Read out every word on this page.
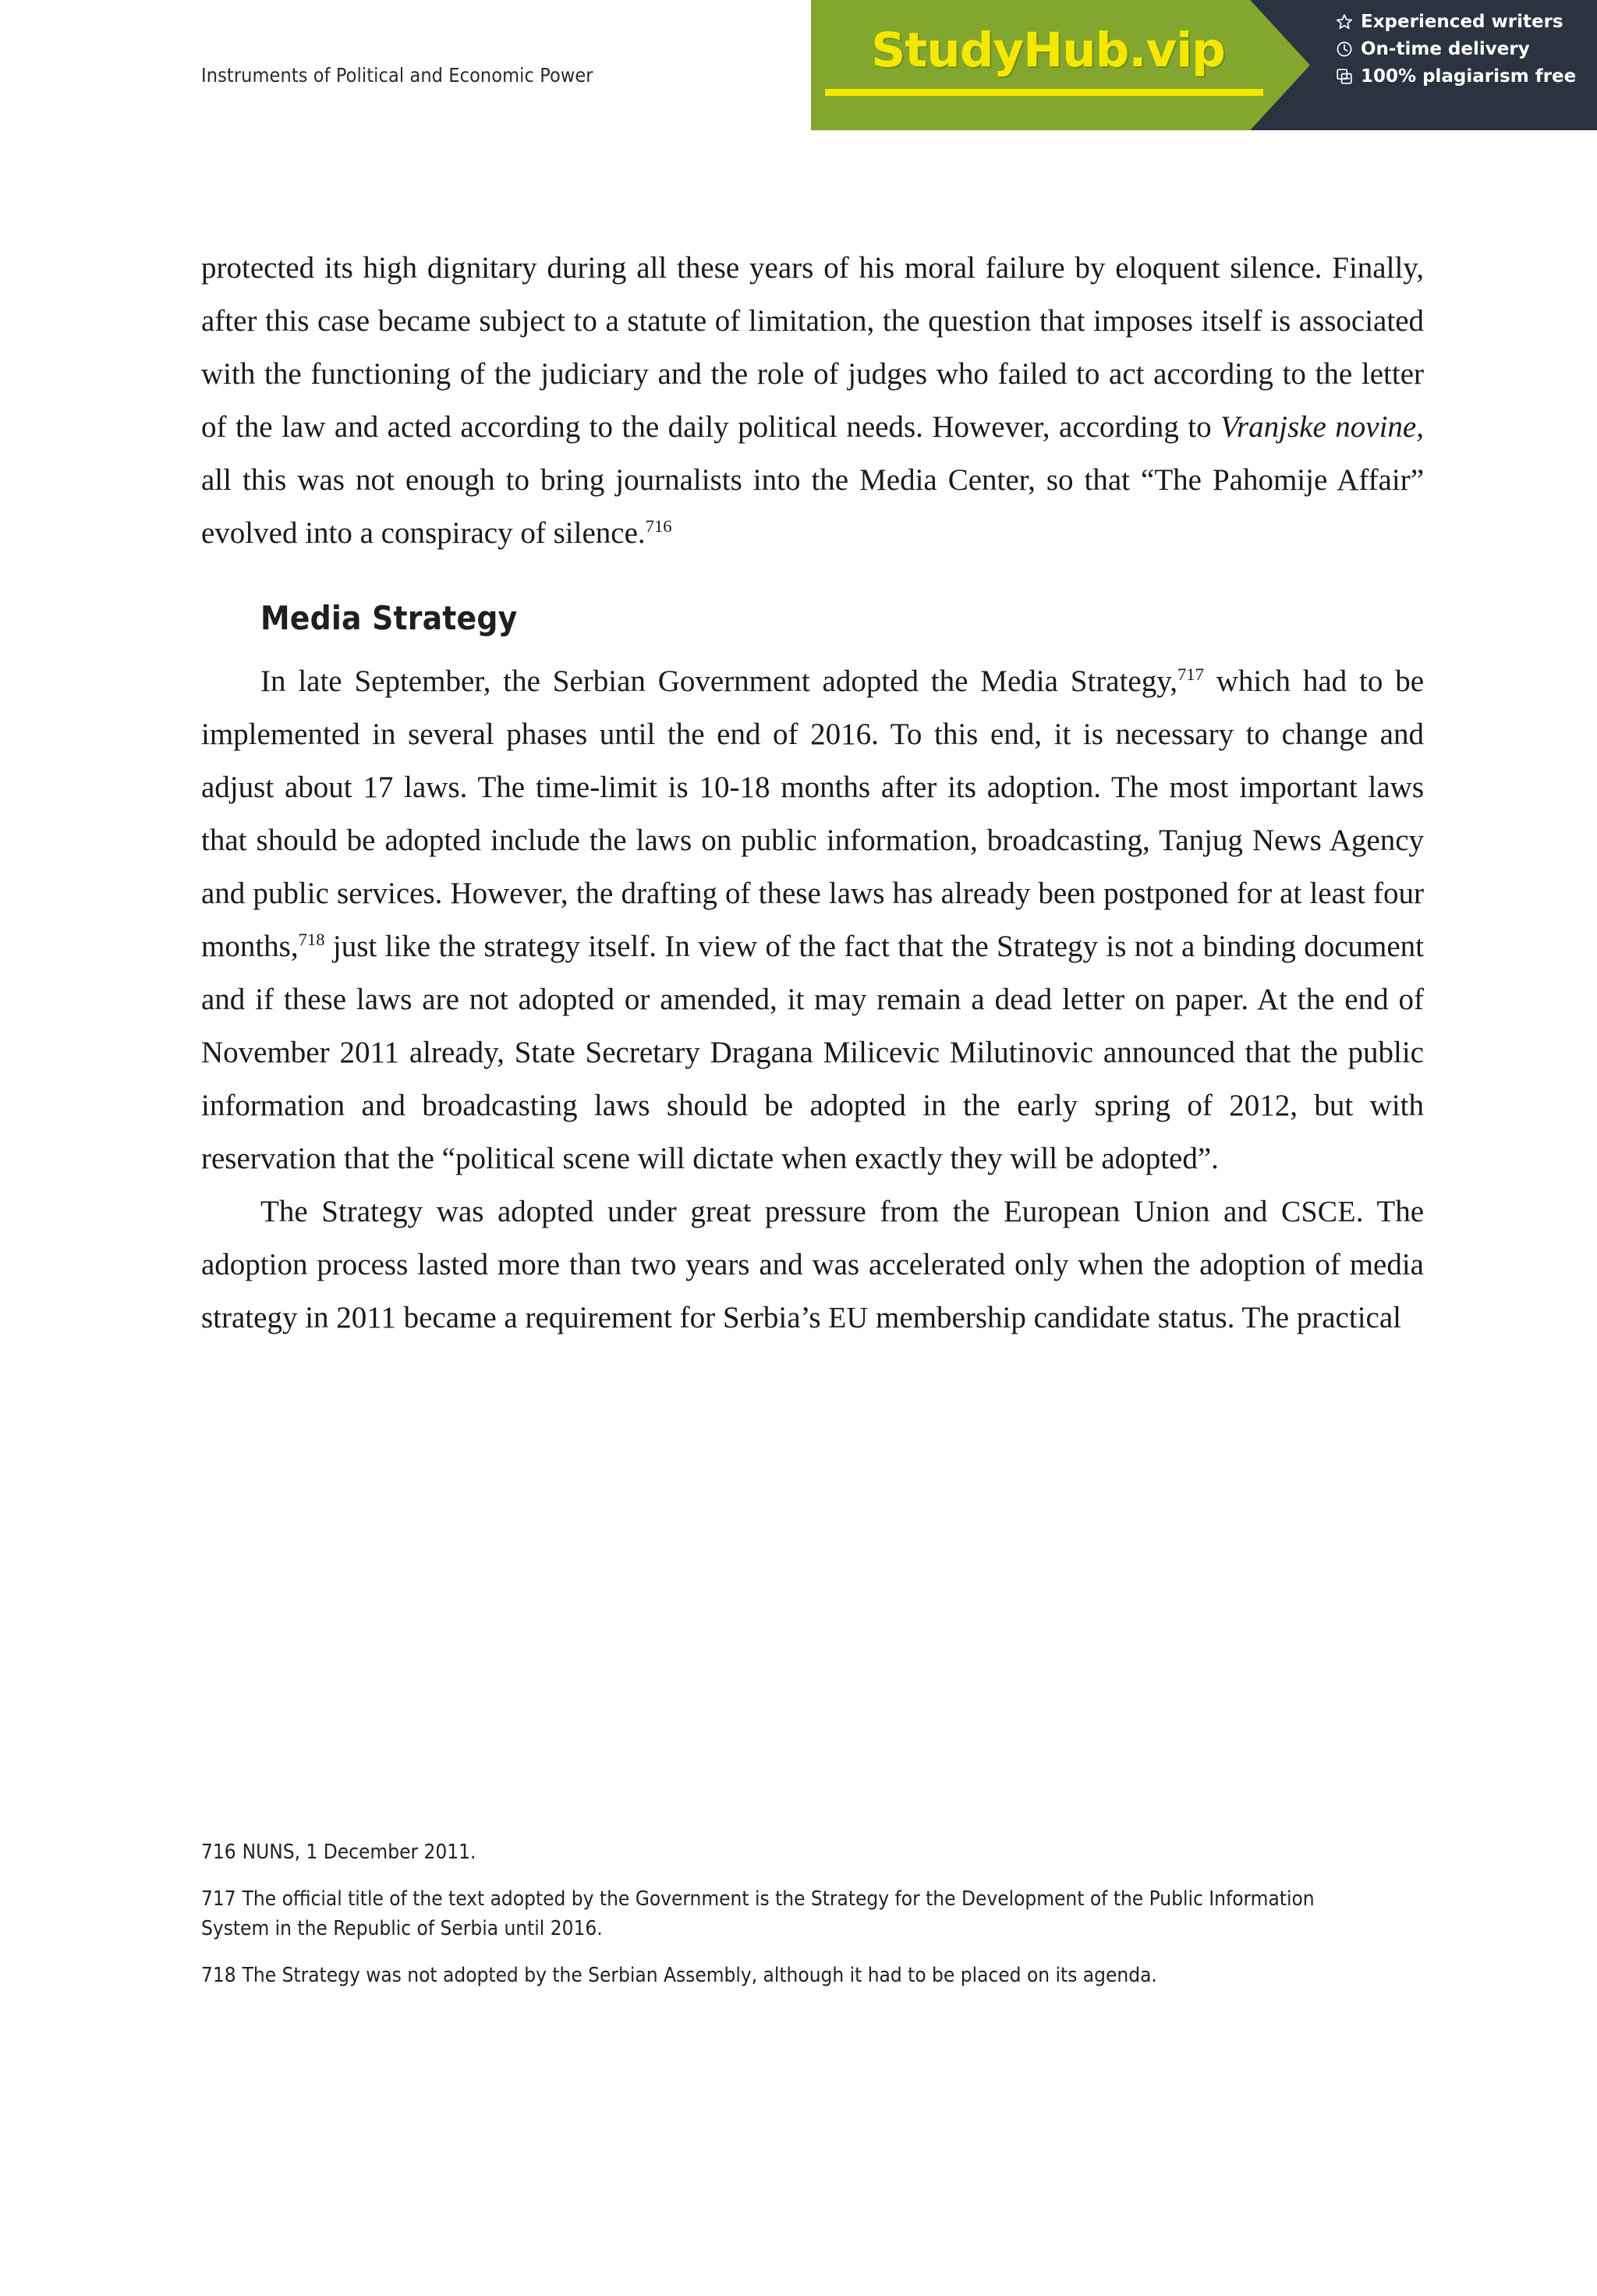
Instruments of Political and Economic Power

protected its high dignitary during all these years of his moral failure by eloquent silence. Finally, after this case became subject to a statute of limitation, the question that imposes itself is associated with the functioning of the judiciary and the role of judges who failed to act according to the letter of the law and acted according to the daily political needs. However, according to Vranjske novine, all this was not enough to bring journalists into the Media Center, so that “The Pahomije Affair” evolved into a conspiracy of silence.$^{716}$

Media Strategy

In late September, the Serbian Government adopted the Media Strategy,$^{717}$ which had to be implemented in several phases until the end of 2016. To this end, it is necessary to change and adjust about 17 laws. The time-limit is 10-18 months after its adoption. The most important laws that should be adopted include the laws on public information, broadcasting, Tanjug News Agency and public services. However, the drafting of these laws has already been postponed for at least four months,$^{718}$ just like the strategy itself. In view of the fact that the Strategy is not a binding document and if these laws are not adopted or amended, it may remain a dead letter on paper. At the end of November 2011 already, State Secretary Dragana Milicevic Milutinovic announced that the public information and broadcasting laws should be adopted in the early spring of 2012, but with reservation that the “political scene will dictate when exactly they will be adopted”.

The Strategy was adopted under great pressure from the European Union and CSCE. The adoption process lasted more than two years and was accelerated only when the adoption of media strategy in 2011 became a requirement for Serbia’s EU membership candidate status. The practical

716 NUNS, 1 December 2011.

717 The official title of the text adopted by the Government is the Strategy for the Development of the Public Information System in the Republic of Serbia until 2016.

718 The Strategy was not adopted by the Serbian Assembly, although it had to be placed on its agenda.

StudyHub.vip
Experienced writers
On-time delivery
100% plagiarism free
